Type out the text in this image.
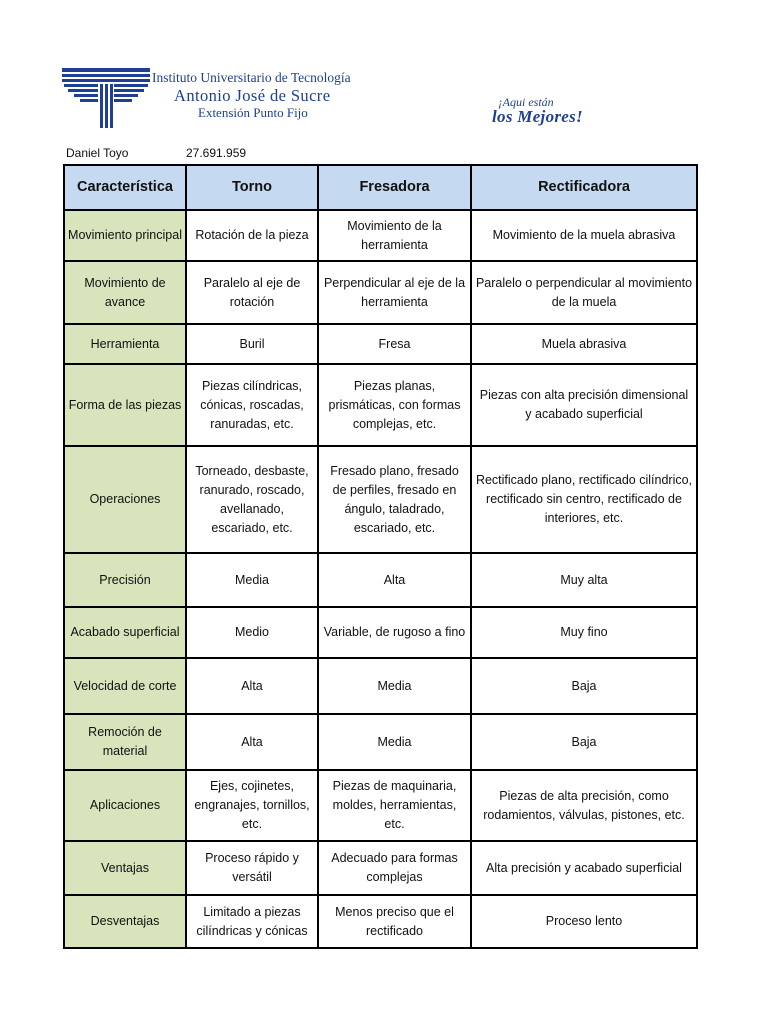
Instituto Universitario de Tecnología
Antonio José de Sucre
Extensión Punto Fijo
¡Aqui están
los Mejores!
Daniel Toyo	27.691.959
Característica	Torno	Fresadora	Rectificadora
Movimiento principal	Rotación de la pieza	Movimiento de la herramienta	Movimiento de la muela abrasiva
Movimiento de avance	Paralelo al eje de rotación	Perpendicular al eje de la herramienta	Paralelo o perpendicular al movimiento de la muela
Herramienta	Buril	Fresa	Muela abrasiva
Forma de las piezas	Piezas cilíndricas, cónicas, roscadas, ranuradas, etc.	Piezas planas, prismáticas, con formas complejas, etc.	Piezas con alta precisión dimensional y acabado superficial
Operaciones	Torneado, desbaste, ranurado, roscado, avellanado, escariado, etc.	Fresado plano, fresado de perfiles, fresado en ángulo, taladrado, escariado, etc.	Rectificado plano, rectificado cilíndrico, rectificado sin centro, rectificado de interiores, etc.
Precisión	Media	Alta	Muy alta
Acabado superficial	Medio	Variable, de rugoso a fino	Muy fino
Velocidad de corte	Alta	Media	Baja
Remoción de material	Alta	Media	Baja
Aplicaciones	Ejes, cojinetes, engranajes, tornillos, etc.	Piezas de maquinaria, moldes, herramientas, etc.	Piezas de alta precisión, como rodamientos, válvulas, pistones, etc.
Ventajas	Proceso rápido y versátil	Adecuado para formas complejas	Alta precisión y acabado superficial
Desventajas	Limitado a piezas cilíndricas y cónicas	Menos preciso que el rectificado	Proceso lento
